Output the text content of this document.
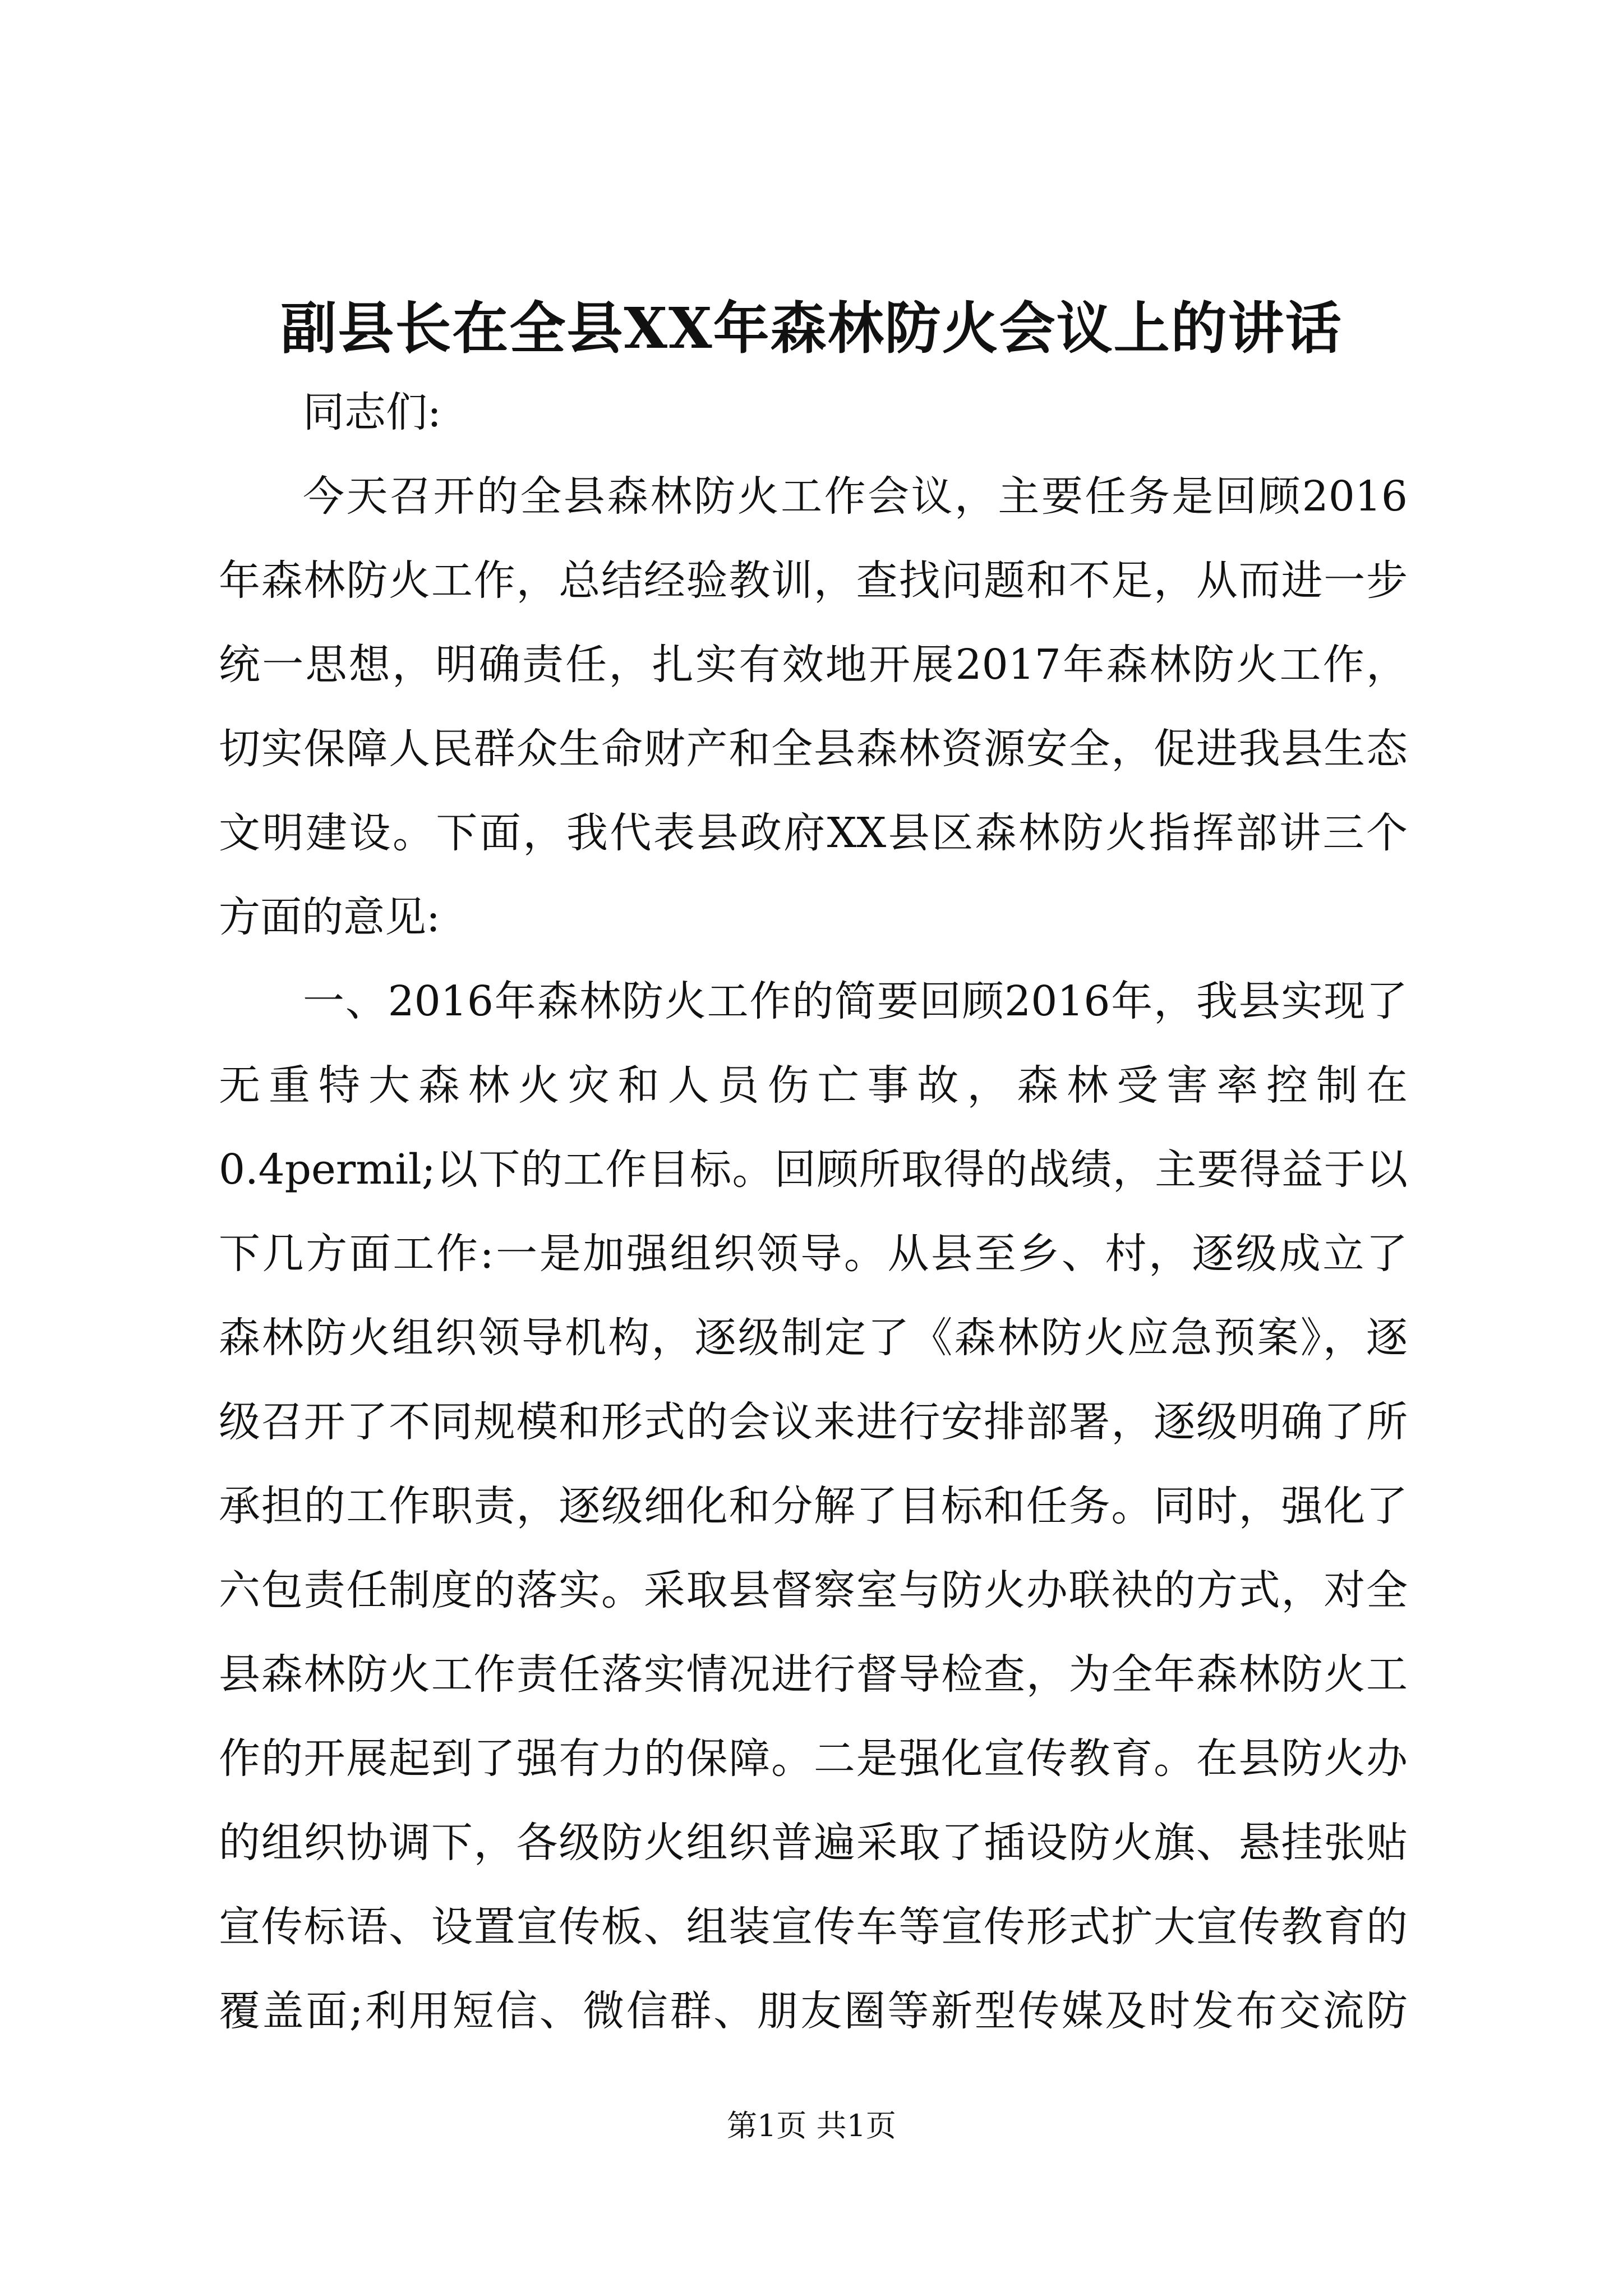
副县长在全县XX年森林防火会议上的讲话
同志们:
今天召开的全县森林防火工作会议，主要任务是回顾2016
年森林防火工作，总结经验教训，查找问题和不足，从而进一步
统一思想，明确责任，扎实有效地开展2017年森林防火工作，
切实保障人民群众生命财产和全县森林资源安全，促进我县生态
文明建设。下面，我代表县政府XX县区森林防火指挥部讲三个
方面的意见:
一、2016年森林防火工作的简要回顾2016年，我县实现了
无重特大森林火灾和人员伤亡事故，森林受害率控制在
0.4permil;以下的工作目标。回顾所取得的战绩，主要得益于以
下几方面工作:一是加强组织领导。从县至乡、村，逐级成立了
森林防火组织领导机构，逐级制定了《森林防火应急预案》，逐
级召开了不同规模和形式的会议来进行安排部署，逐级明确了所
承担的工作职责，逐级细化和分解了目标和任务。同时，强化了
六包责任制度的落实。采取县督察室与防火办联袂的方式，对全
县森林防火工作责任落实情况进行督导检查，为全年森林防火工
作的开展起到了强有力的保障。二是强化宣传教育。在县防火办
的组织协调下，各级防火组织普遍采取了插设防火旗、悬挂张贴
宣传标语、设置宣传板、组装宣传车等宣传形式扩大宣传教育的
覆盖面;利用短信、微信群、朋友圈等新型传媒及时发布交流防
第1页 共1页
